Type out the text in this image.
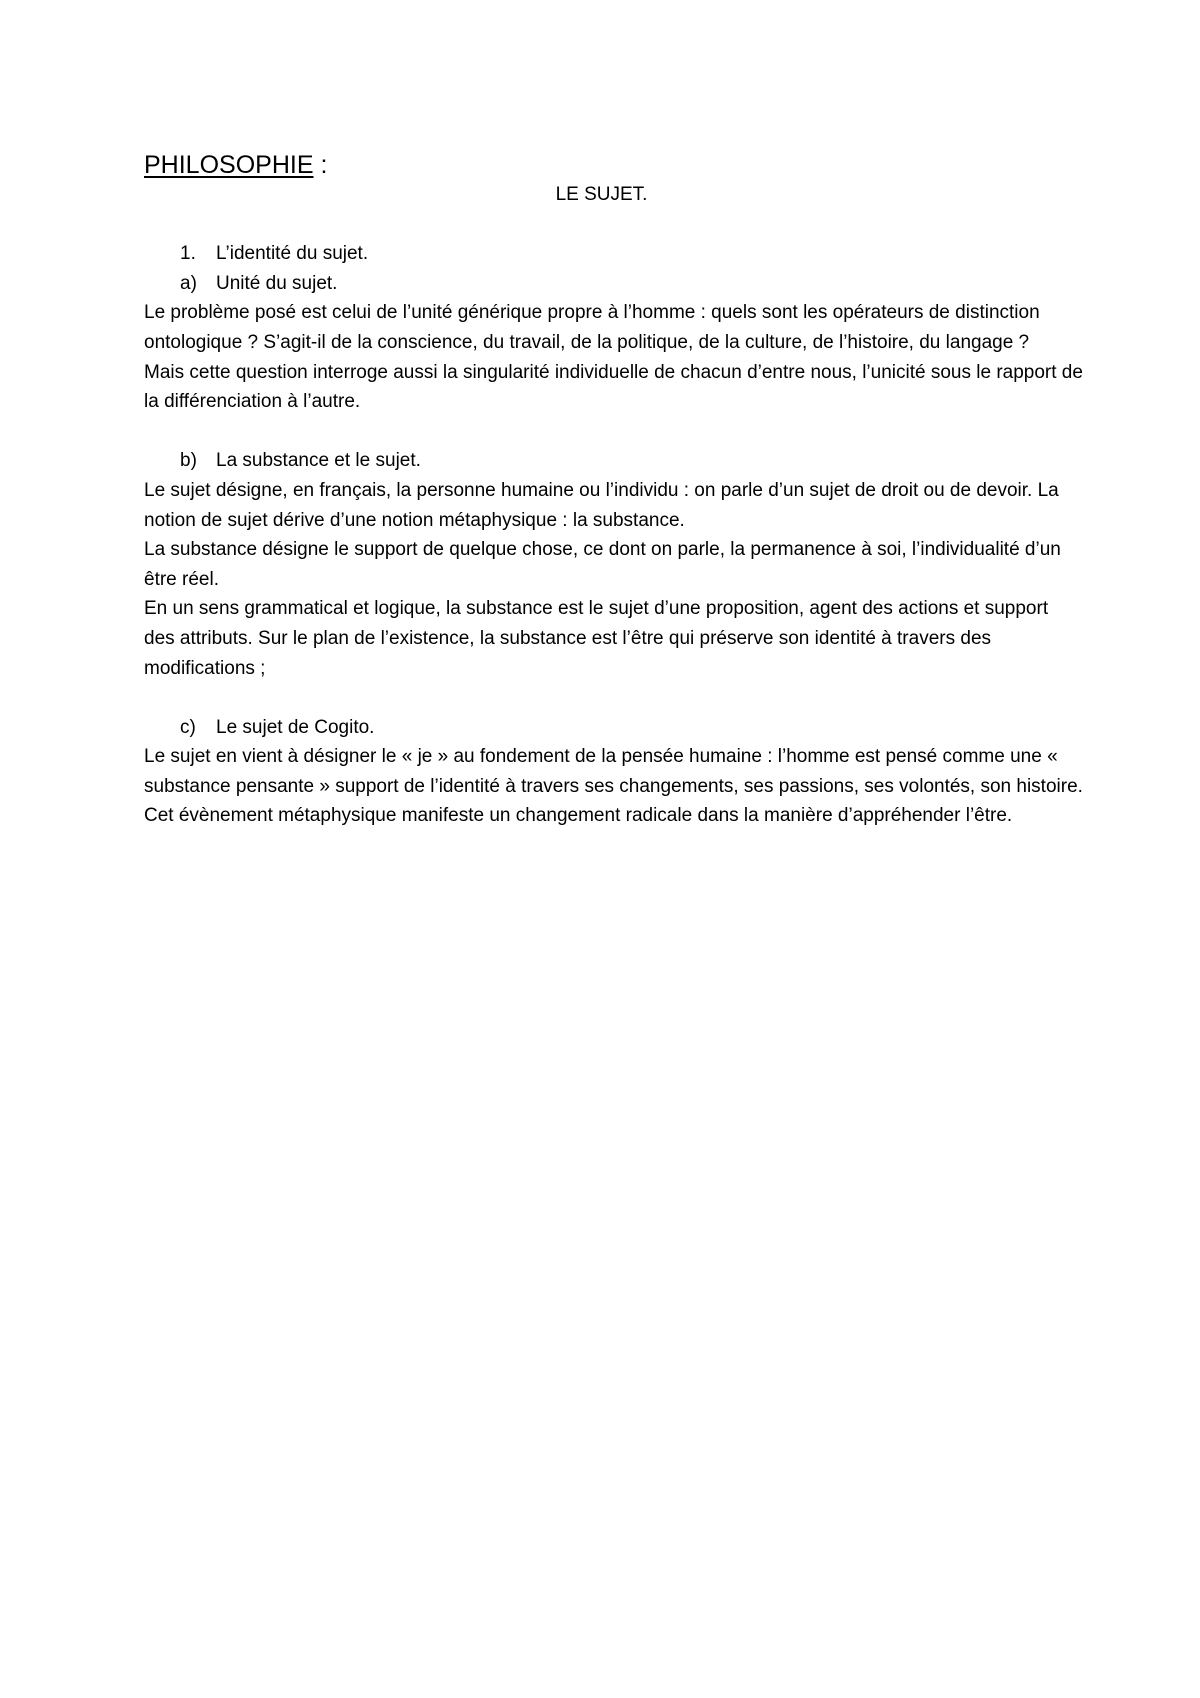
PHILOSOPHIE :
LE SUJET.
1.	L’identité du sujet.
a)	Unité du sujet.

Le problème posé est celui de l’unité générique propre à l’homme : quels sont les opérateurs de distinction ontologique ? S’agit-il de la conscience, du travail, de la politique, de la culture, de l’histoire, du langage ?

Mais cette question interroge aussi la singularité individuelle de chacun d’entre nous, l’unicité sous le rapport de la différenciation à l’autre.

b)	La substance et le sujet.

Le sujet désigne, en français, la personne humaine ou l’individu : on parle d’un sujet de droit ou de devoir. La notion de sujet dérive d’une notion métaphysique : la substance.

La substance désigne le support de quelque chose, ce dont on parle, la permanence à soi, l’individualité d’un être réel.

En un sens grammatical et logique, la substance est le sujet d’une proposition, agent des actions et support des attributs. Sur le plan de l’existence, la substance est l’être qui préserve son identité à travers des modifications ;

c)	Le sujet de Cogito.

Le sujet en vient à désigner le « je » au fondement de la pensée humaine : l’homme est pensé comme une « substance pensante » support de l’identité à travers ses changements, ses passions, ses volontés, son histoire.

Cet évènement métaphysique manifeste un changement radicale dans la manière d’appréhender l’être.
